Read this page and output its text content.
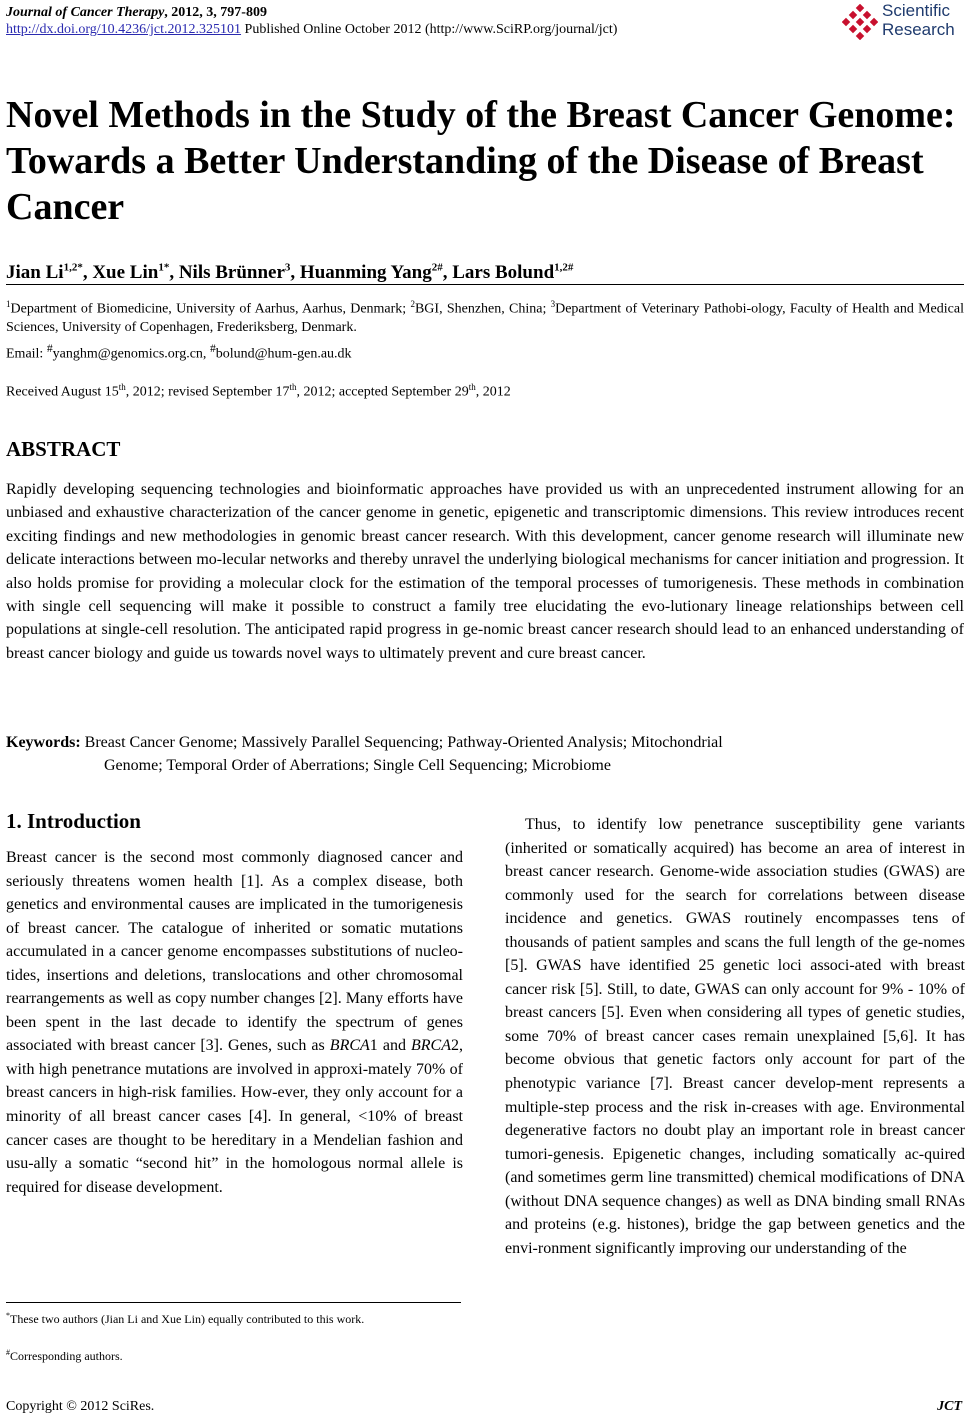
Journal of Cancer Therapy, 2012, 3, 797-809
http://dx.doi.org/10.4236/jct.2012.325101 Published Online October 2012 (http://www.SciRP.org/journal/jct)
Scientific
Research
Novel Methods in the Study of the Breast Cancer Genome: Towards a Better Understanding of the Disease of Breast Cancer
Jian $Li^{1,2*}$, Xue Lin$^{1*}$, Nils Brünner$^3$, Huanming Yang$^{2\#}$, Lars Bolund$^{1,2\#}$
$^1$Department of Biomedicine, University of Aarhus, Aarhus, Denmark; $^2$BGI, Shenzhen, China; $^3$Department of Veterinary Pathobi-ology, Faculty of Health and Medical Sciences, University of Copenhagen, Frederiksberg, Denmark.
Email: #yanghm@genomics.org.cn, #bolund@hum-gen.au.dk
Received August 15th, 2012; revised September 17th, 2012; accepted September 29th, 2012
ABSTRACT
Rapidly developing sequencing technologies and bioinformatic approaches have provided us with an unprecedented instrument allowing for an unbiased and exhaustive characterization of the cancer genome in genetic, epigenetic and transcriptomic dimensions. This review introduces recent exciting findings and new methodologies in genomic breast cancer research. With this development, cancer genome research will illuminate new delicate interactions between mo-lecular networks and thereby unravel the underlying biological mechanisms for cancer initiation and progression. It also holds promise for providing a molecular clock for the estimation of the temporal processes of tumorigenesis. These methods in combination with single cell sequencing will make it possible to construct a family tree elucidating the evo-lutionary lineage relationships between cell populations at single-cell resolution. The anticipated rapid progress in ge-nomic breast cancer research should lead to an enhanced understanding of breast cancer biology and guide us towards novel ways to ultimately prevent and cure breast cancer.
Keywords: Breast Cancer Genome; Massively Parallel Sequencing; Pathway-Oriented Analysis; Mitochondrial
Genome; Temporal Order of Aberrations; Single Cell Sequencing; Microbiome
1. Introduction

Breast cancer is the second most commonly diagnosed cancer and seriously threatens women health [1]. As a complex disease, both genetics and environmental causes are implicated in the tumorigenesis of breast cancer. The catalogue of inherited or somatic mutations accumulated in a cancer genome encompasses substitutions of nucleo-tides, insertions and deletions, translocations and other chromosomal rearrangements as well as copy number changes [2]. Many efforts have been spent in the last decade to identify the spectrum of genes associated with breast cancer [3]. Genes, such as BRCA1 and BRCA2, with high penetrance mutations are involved in approxi-mately 70% of breast cancers in high-risk families. How-ever, they only account for a minority of all breast cancer cases [4]. In general, <10% of breast cancer cases are thought to be hereditary in a Mendelian fashion and usu-ally a somatic “second hit” in the homologous normal allele is required for disease development.

Thus, to identify low penetrance susceptibility gene variants (inherited or somatically acquired) has become an area of interest in breast cancer research. Genome-wide association studies (GWAS) are commonly used for the search for correlations between disease incidence and genetics. GWAS routinely encompasses tens of thousands of patient samples and scans the full length of the ge-nomes [5]. GWAS have identified 25 genetic loci associ-ated with breast cancer risk [5]. Still, to date, GWAS can only account for 9% - 10% of breast cancers [5]. Even when considering all types of genetic studies, some 70% of breast cancer cases remain unexplained [5,6]. It has become obvious that genetic factors only account for part of the phenotypic variance [7]. Breast cancer develop-ment represents a multiple-step process and the risk in-creases with age. Environmental degenerative factors no doubt play an important role in breast cancer tumori-genesis. Epigenetic changes, including somatically ac-quired (and sometimes germ line transmitted) chemical modifications of DNA (without DNA sequence changes) as well as DNA binding small RNAs and proteins (e.g. histones), bridge the gap between genetics and the envi-ronment significantly improving our understanding of the

*These two authors (Jian Li and Xue Lin) equally contributed to this work.
#Corresponding authors.
Copyright © 2012 SciRes.	JCT
